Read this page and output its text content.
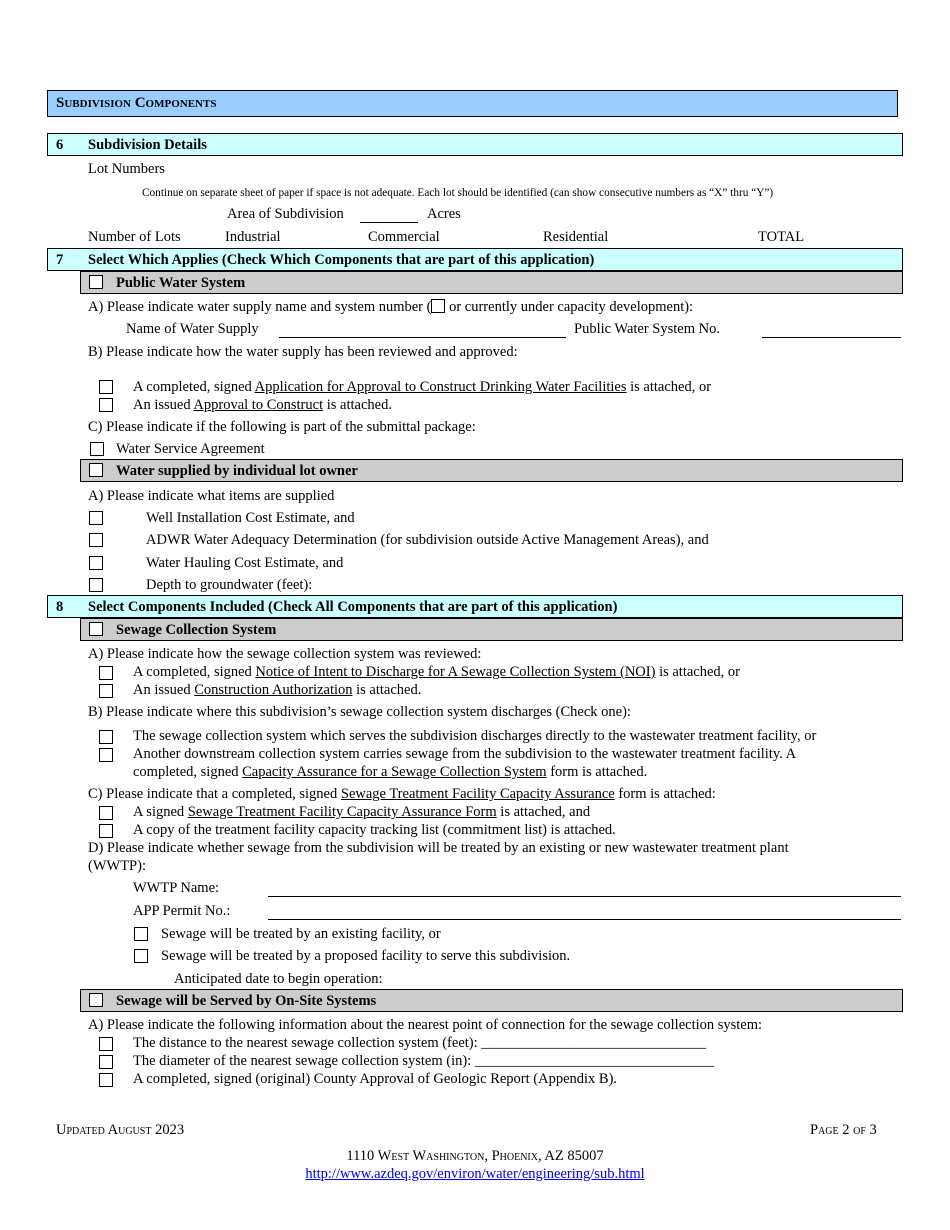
Subdivision Components
6 Subdivision Details
Lot Numbers
Continue on separate sheet of paper if space is not adequate. Each lot should be identified (can show consecutive numbers as “X” thru “Y”)
Area of Subdivision	Acres
Number of Lots	Industrial	Commercial	Residential	TOTAL
7 Select Which Applies (Check Which Components that are part of this application)
Public Water System
A) Please indicate water supply name and system number ( or currently under capacity development):
Name of Water Supply	Public Water System No.
B) Please indicate how the water supply has been reviewed and approved:
A completed, signed Application for Approval to Construct Drinking Water Facilities is attached, or
An issued Approval to Construct is attached.
C) Please indicate if the following is part of the submittal package:
Water Service Agreement
Water supplied by individual lot owner
A) Please indicate what items are supplied
Well Installation Cost Estimate, and
ADWR Water Adequacy Determination (for subdivision outside Active Management Areas), and
Water Hauling Cost Estimate, and
Depth to groundwater (feet):
8 Select Components Included (Check All Components that are part of this application)
Sewage Collection System
A) Please indicate how the sewage collection system was reviewed:
A completed, signed Notice of Intent to Discharge for A Sewage Collection System (NOI) is attached, or
An issued Construction Authorization is attached.
B) Please indicate where this subdivision’s sewage collection system discharges (Check one):
The sewage collection system which serves the subdivision discharges directly to the wastewater treatment facility, or
Another downstream collection system carries sewage from the subdivision to the wastewater treatment facility. A
completed, signed Capacity Assurance for a Sewage Collection System form is attached.
C) Please indicate that a completed, signed Sewage Treatment Facility Capacity Assurance form is attached:
A signed Sewage Treatment Facility Capacity Assurance Form is attached, and
A copy of the treatment facility capacity tracking list (commitment list) is attached.
D) Please indicate whether sewage from the subdivision will be treated by an existing or new wastewater treatment plant
(WWTP):
WWTP Name:
APP Permit No.:
Sewage will be treated by an existing facility, or
Sewage will be treated by a proposed facility to serve this subdivision.
Anticipated date to begin operation:
Sewage will be Served by On-Site Systems
A) Please indicate the following information about the nearest point of connection for the sewage collection system:
The distance to the nearest sewage collection system (feet): _______________________________
The diameter of the nearest sewage collection system (in): _________________________________
A completed, signed (original) County Approval of Geologic Report (Appendix B).
Updated August 2023	Page 2 of 3
1110 West Washington, Phoenix, AZ 85007
http://www.azdeq.gov/environ/water/engineering/sub.html
